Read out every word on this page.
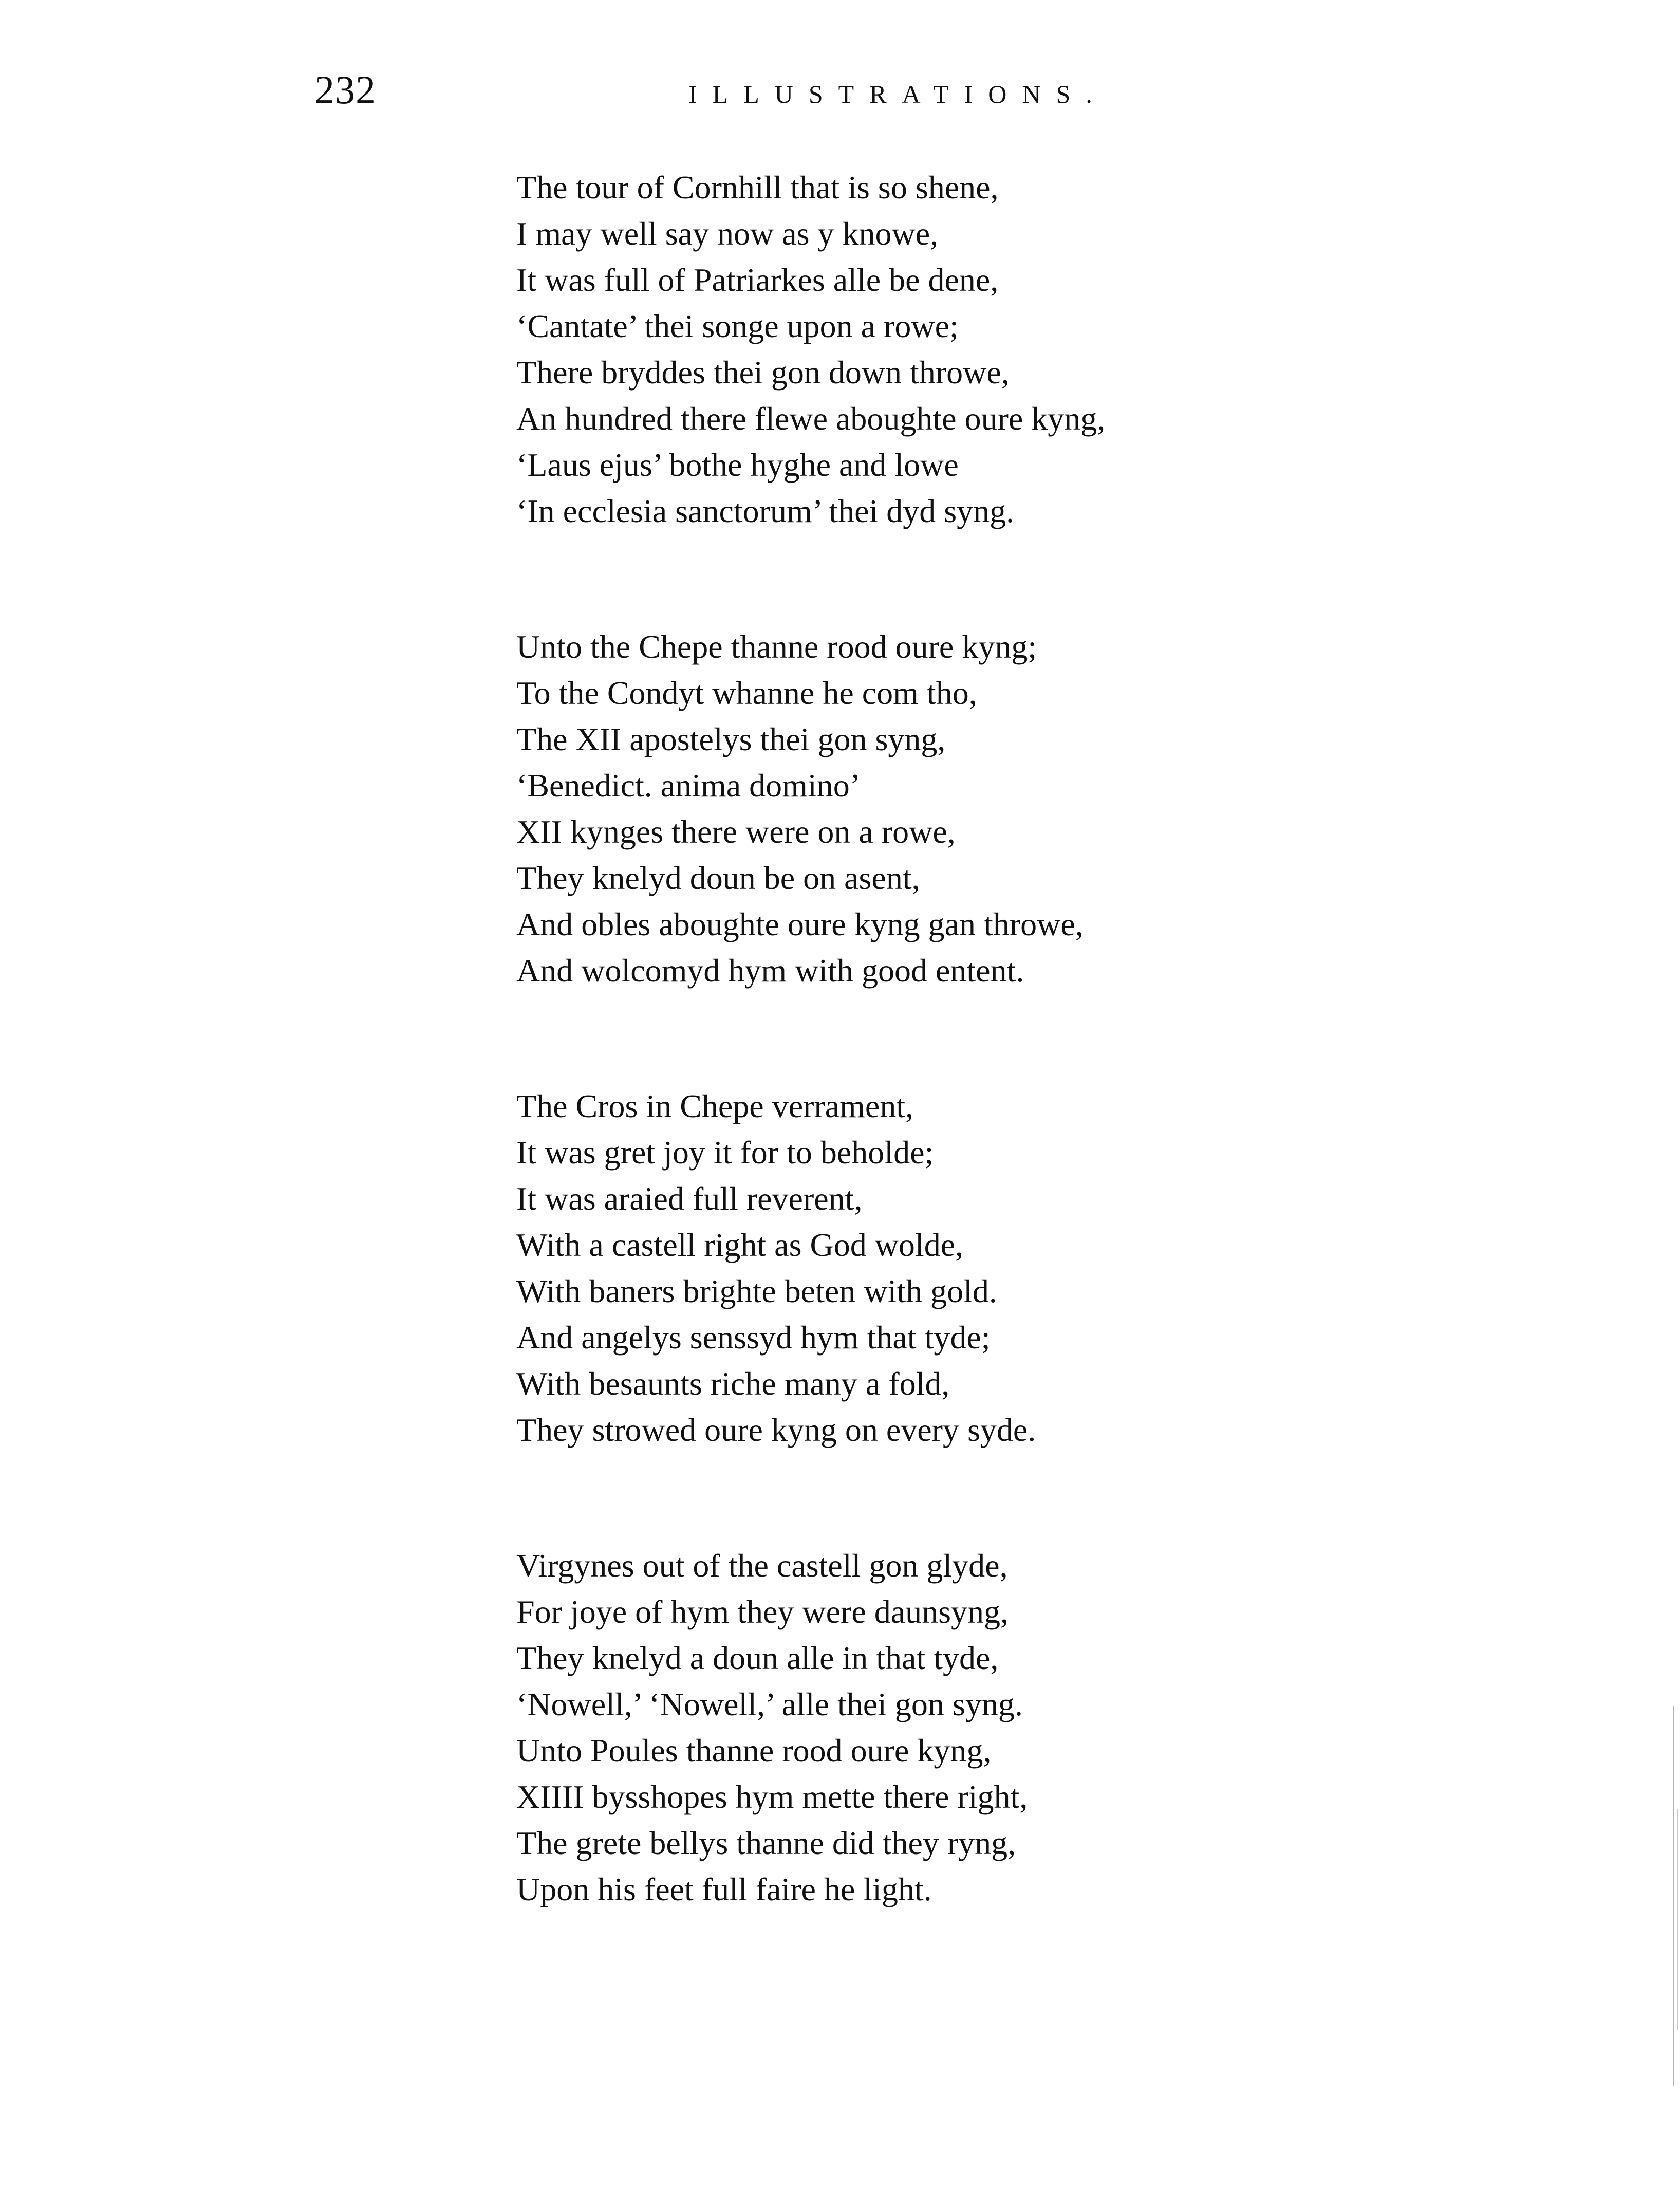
232	ILLUSTRATIONS.
The tour of Cornhill that is so shene,
I may well say now as y knowe,
It was full of Patriarkes alle be dene,
‘Cantate’ thei songe upon a rowe;
There bryddes thei gon down throwe,
An hundred there flewe aboughte oure kyng,
‘Laus ejus’ bothe hyghe and lowe
‘In ecclesia sanctorum’ thei dyd syng.
Unto the Chepe thanne rood oure kyng;
To the Condyt whanne he com tho,
The XII apostelys thei gon syng,
‘Benedict. anima domino’
XII kynges there were on a rowe,
They knelyd doun be on asent,
And obles aboughte oure kyng gan throwe,
And wolcomyd hym with good entent.
The Cros in Chepe verrament,
It was gret joy it for to beholde;
It was araied full reverent,
With a castell right as God wolde,
With baners brighte beten with gold.
And angelys senssyd hym that tyde;
With besaunts riche many a fold,
They strowed oure kyng on every syde.
Virgynes out of the castell gon glyde,
For joye of hym they were daunsyng,
They knelyd a doun alle in that tyde,
‘Nowell,’ ‘Nowell,’ alle thei gon syng.
Unto Poules thanne rood oure kyng,
XIIII bysshopes hym mette there right,
The grete bellys thanne did they ryng,
Upon his feet full faire he light.
